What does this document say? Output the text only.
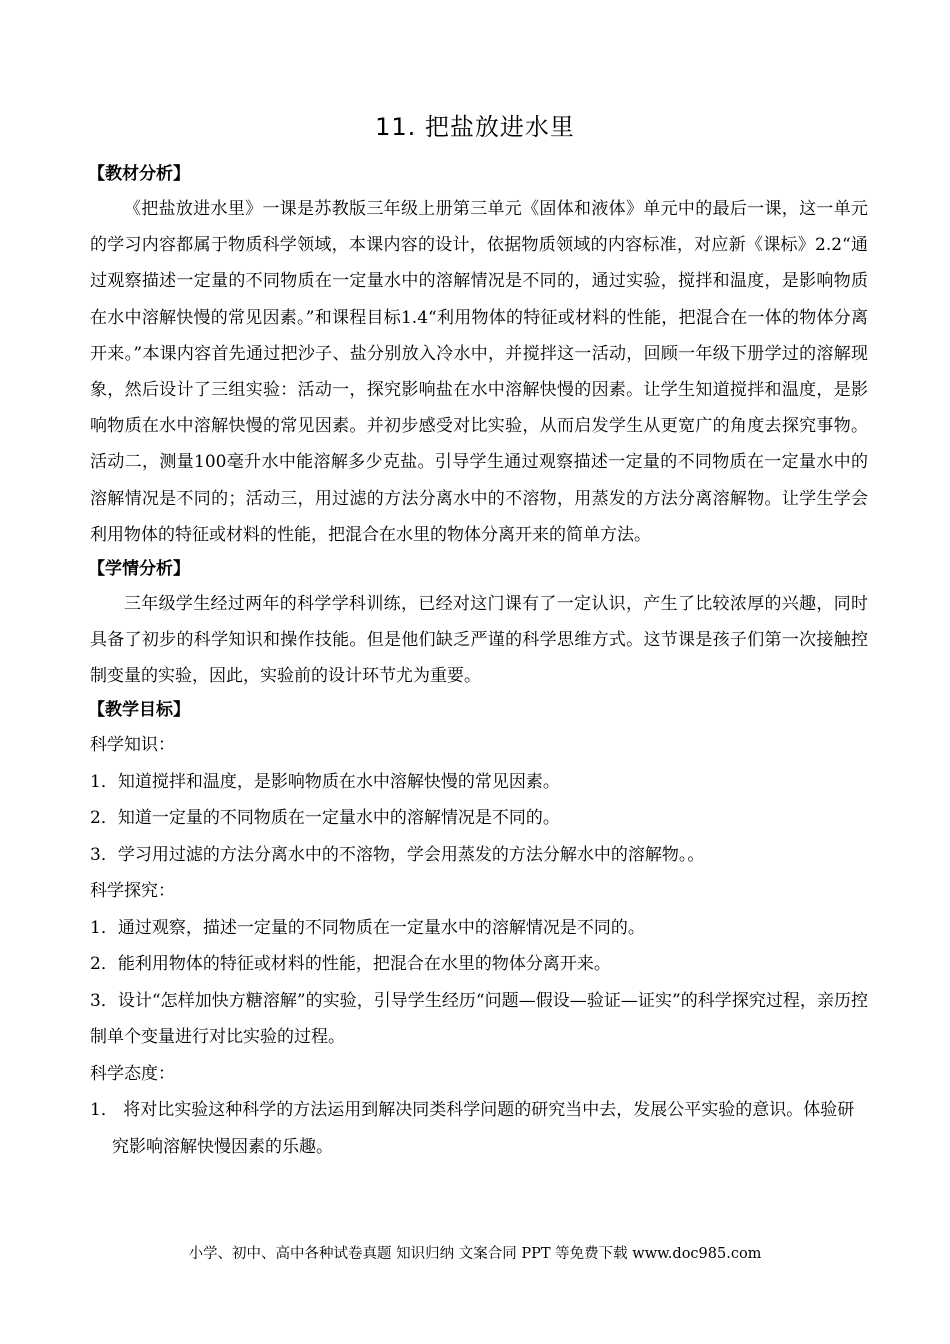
11. 把盐放进水里
【教材分析】

《把盐放进水里》一课是苏教版三年级上册第三单元《固体和液体》单元中的最后一课，这一单元的学习内容都属于物质科学领域，本课内容的设计，依据物质领域的内容标准，对应新《课标》2.2“通过观察描述一定量的不同物质在一定量水中的溶解情况是不同的，通过实验，搅拌和温度，是影响物质在水中溶解快慢的常见因素。”和课程目标1.4“利用物体的特征或材料的性能，把混合在一体的物体分离开来。”本课内容首先通过把沙子、盐分别放入冷水中，并搅拌这一活动，回顾一年级下册学过的溶解现象，然后设计了三组实验：活动一，探究影响盐在水中溶解快慢的因素。让学生知道搅拌和温度，是影响物质在水中溶解快慢的常见因素。并初步感受对比实验，从而启发学生从更宽广的角度去探究事物。活动二，测量100毫升水中能溶解多少克盐。引导学生通过观察描述一定量的不同物质在一定量水中的溶解情况是不同的；活动三，用过滤的方法分离水中的不溶物，用蒸发的方法分离溶解物。让学生学会利用物体的特征或材料的性能，把混合在水里的物体分离开来的简单方法。

【学情分析】

三年级学生经过两年的科学学科训练，已经对这门课有了一定认识，产生了比较浓厚的兴趣，同时具备了初步的科学知识和操作技能。但是他们缺乏严谨的科学思维方式。这节课是孩子们第一次接触控制变量的实验，因此，实验前的设计环节尤为重要。

【教学目标】
科学知识：
1．知道搅拌和温度，是影响物质在水中溶解快慢的常见因素。
2．知道一定量的不同物质在一定量水中的溶解情况是不同的。
3．学习用过滤的方法分离水中的不溶物，学会用蒸发的方法分解水中的溶解物。。
科学探究：
1．通过观察，描述一定量的不同物质在一定量水中的溶解情况是不同的。
2．能利用物体的特征或材料的性能，把混合在水里的物体分离开来。
3．设计“怎样加快方糖溶解”的实验，引导学生经历“问题—假设—验证—证实”的科学探究过程，亲历控制单个变量进行对比实验的过程。
科学态度：
1． 将对比实验这种科学的方法运用到解决同类科学问题的研究当中去，发展公平实验的意识。体验研究影响溶解快慢因素的乐趣。
小学、初中、高中各种试卷真题 知识归纳 文案合同 PPT 等免费下载 www.doc985.com
